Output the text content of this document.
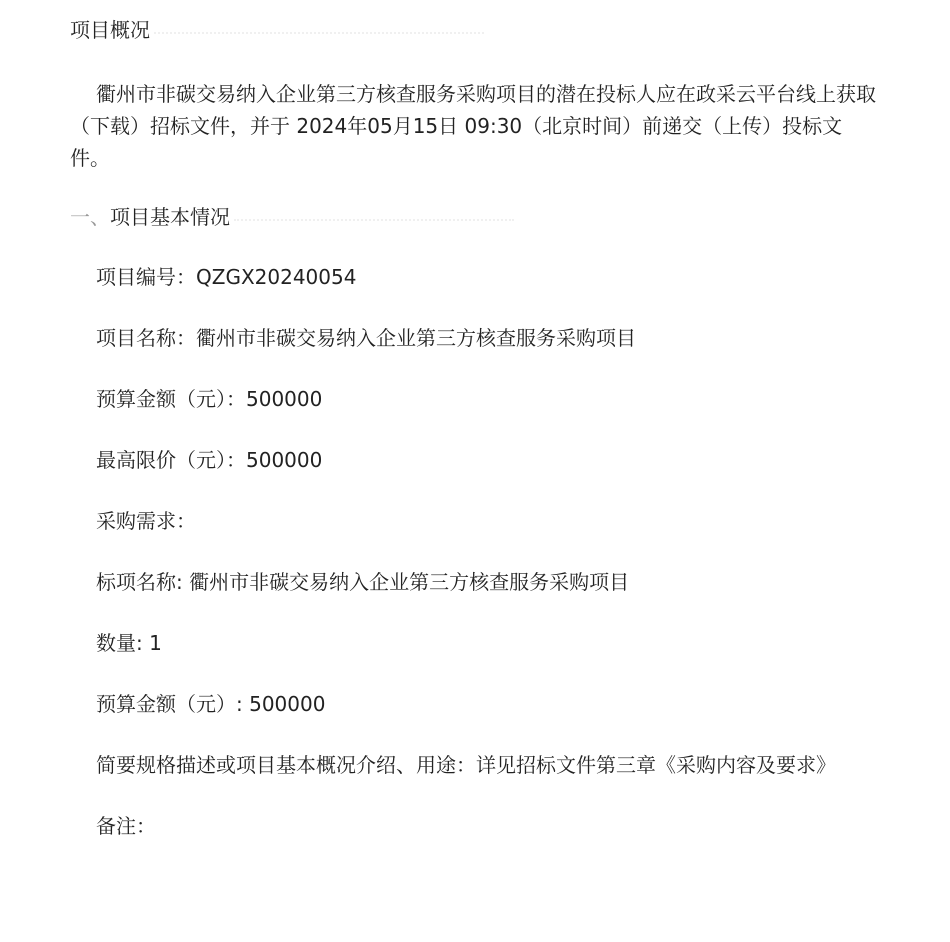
项目概况
衢州市非碳交易纳入企业第三方核查服务采购项目的潜在投标人应在政采云平台线上获取（下载）招标文件，并于 2024年05月15日 09:30（北京时间）前递交（上传）投标文件。
一、项目基本情况
项目编号：QZGX20240054
项目名称：衢州市非碳交易纳入企业第三方核查服务采购项目
预算金额（元）：500000
最高限价（元）：500000
采购需求：
标项名称: 衢州市非碳交易纳入企业第三方核查服务采购项目
数量: 1
预算金额（元）: 500000
简要规格描述或项目基本概况介绍、用途：详见招标文件第三章《采购内容及要求》
备注：
